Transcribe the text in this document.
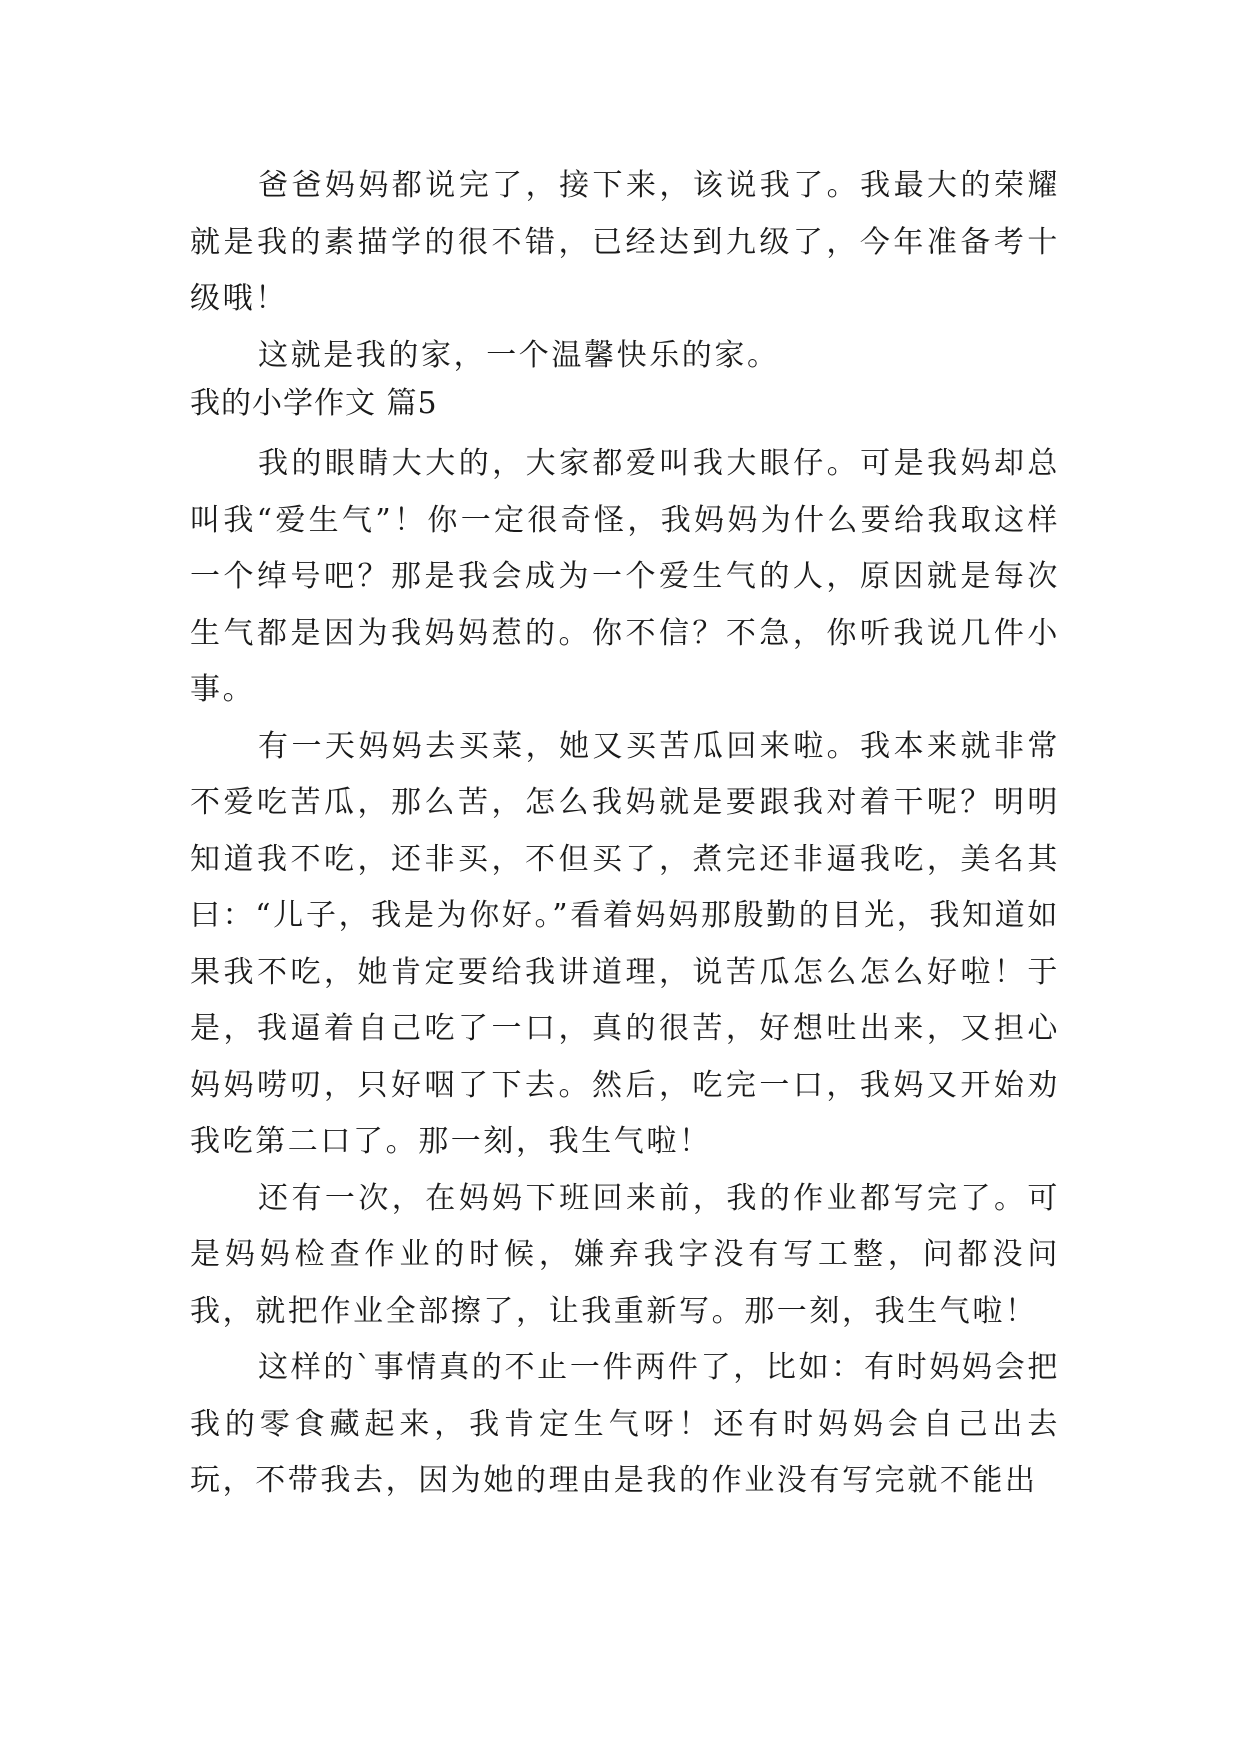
爸爸妈妈都说完了，接下来，该说我了。我最大的荣耀就是我的素描学的很不错，已经达到九级了，今年准备考十级哦！

这就是我的家，一个温馨快乐的家。

我的小学作文 篇5

我的眼睛大大的，大家都爱叫我大眼仔。可是我妈却总叫我“爱生气”！你一定很奇怪，我妈妈为什么要给我取这样一个绰号吧？那是我会成为一个爱生气的人，原因就是每次生气都是因为我妈妈惹的。你不信？不急，你听我说几件小事。

有一天妈妈去买菜，她又买苦瓜回来啦。我本来就非常不爱吃苦瓜，那么苦，怎么我妈就是要跟我对着干呢？明明知道我不吃，还非买，不但买了，煮完还非逼我吃，美名其曰：“儿子，我是为你好。”看着妈妈那殷勤的目光，我知道如果我不吃，她肯定要给我讲道理，说苦瓜怎么怎么好啦！于是，我逼着自己吃了一口，真的很苦，好想吐出来，又担心妈妈唠叨，只好咽了下去。然后，吃完一口，我妈又开始劝我吃第二口了。那一刻，我生气啦！

还有一次，在妈妈下班回来前，我的作业都写完了。可是妈妈检查作业的时候，嫌弃我字没有写工整，问都没问我，就把作业全部擦了，让我重新写。那一刻，我生气啦！

这样的`事情真的不止一件两件了，比如：有时妈妈会把我的零食藏起来，我肯定生气呀！还有时妈妈会自己出去玩，不带我去，因为她的理由是我的作业没有写完就不能出
